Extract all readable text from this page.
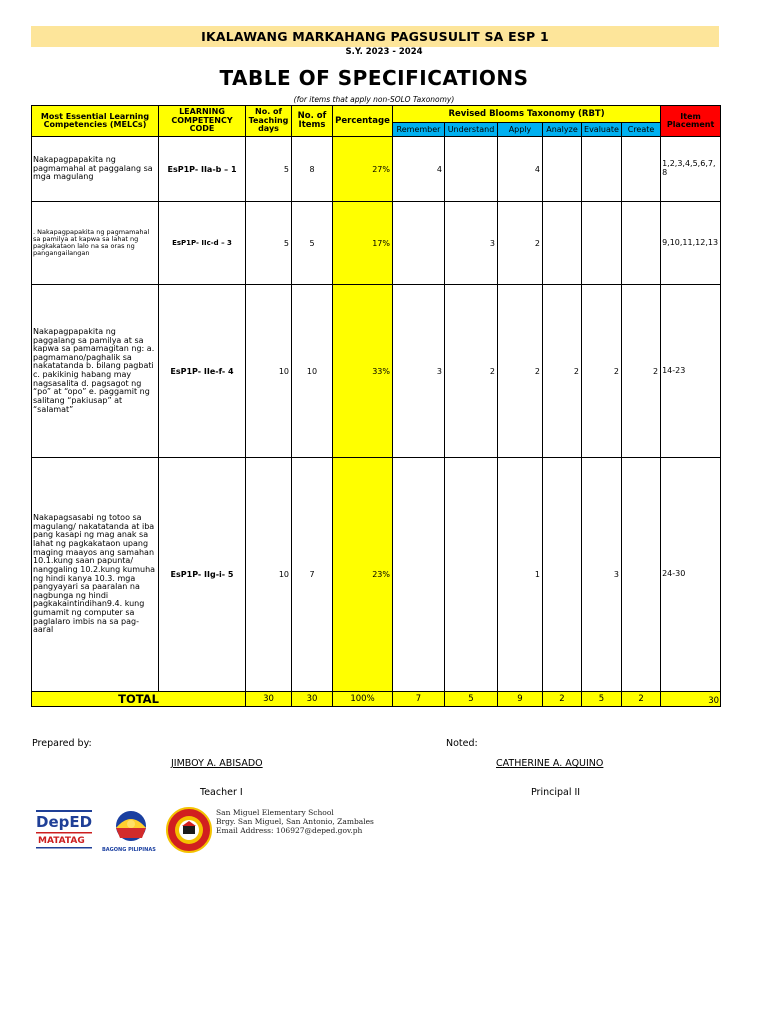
IKALAWANG MARKAHANG PAGSUSULIT SA ESP 1
S.Y. 2023 - 2024
TABLE OF SPECIFICATIONS
(for items that apply non-SOLO Taxonomy)
Most Essential Learning Competencies (MELCs)	LEARNING COMPETENCY CODE	No. of Teaching days	No. of Items	Percentage	Revised Blooms Taxonomy (RBT)						Item Placement
					Remember	Understand	Apply	Analyze	Evaluate	Create	
Nakapagpapakita ng pagmamahal at paggalang sa mga magulang	EsP1P- IIa-b – 1	5	8	27%	4		4				1,2,3,4,5,6,7,8
. Nakapagpapakita ng pagmamahal sa pamilya at kapwa sa lahat ng pagkakataon lalo na sa oras ng pangangailangan	EsP1P- IIc-d – 3	5	5	17%		3	2				9,10,11,12,13
Nakapagpapakita ng paggalang sa pamilya at sa kapwa sa pamamagitan ng: a. pagmamano/paghalik sa nakatatanda b. bilang pagbati c. pakikinig habang may nagsasalita d. pagsagot ng “po” at “opo” e. paggamit ng salitang “pakiusap” at “salamat”	EsP1P- IIe-f- 4	10	10	33%	3	2	2	2	2	2	14-23
Nakapagsasabi ng totoo sa magulang/ nakatatanda at iba pang kasapi ng mag anak sa lahat ng pagkakataon upang maging maayos ang samahan 10.1.kung saan papunta/ nanggaling 10.2.kung kumuha ng hindi kanya 10.3. mga pangyayari sa paaralan na nagbunga ng hindi pagkakaintindihan9.4. kung gumamit ng computer sa paglalaro imbis na sa pag-aaral	EsP1P- IIg-i- 5	10	7	23%			1		3		24-30
TOTAL		30	30	100%	7	5	9	2	5	2	30
Prepared by:
JIMBOY A. ABISADO
Teacher I
Noted:
CATHERINE A. AQUINO
Principal II
DepED
MATATAG
BAGONG PILIPINAS
San Miguel Elementary School
Brgy. San Miguel, San Antonio, Zambales
Email Address: 106927@deped.gov.ph
